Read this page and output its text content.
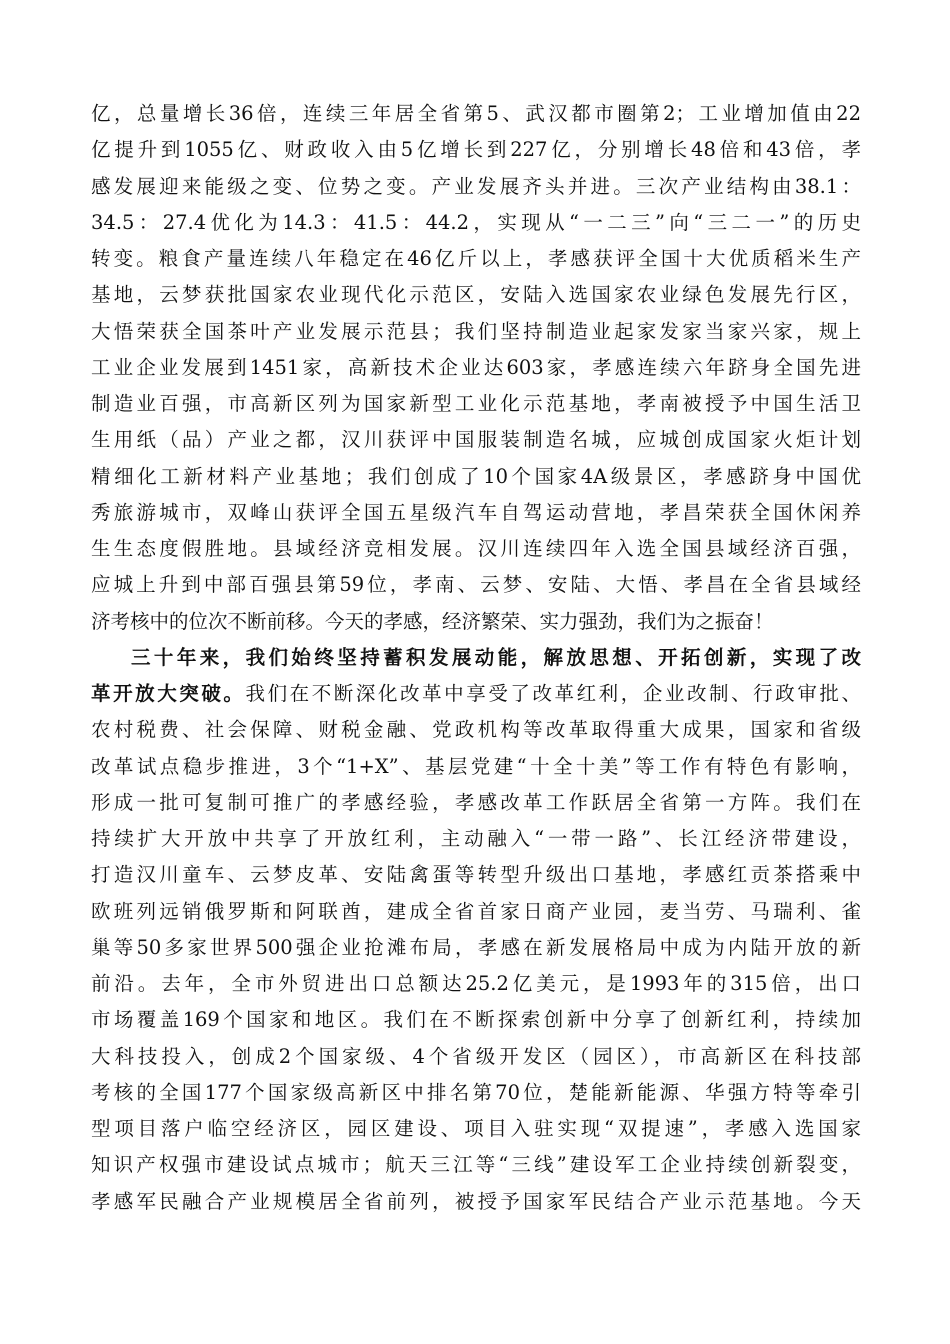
亿，总量增长36倍，连续三年居全省第5、武汉都市圈第2；工业增加值由22
亿提升到1055亿、财政收入由5亿增长到227亿，分别增长48倍和43倍，孝
感发展迎来能级之变、位势之变。产业发展齐头并进。三次产业结构由38.1：
34.5：27.4优化为14.3：41.5：44.2，实现从“一二三”向“三二一”的历史
转变。粮食产量连续八年稳定在46亿斤以上，孝感获评全国十大优质稻米生产
基地，云梦获批国家农业现代化示范区，安陆入选国家农业绿色发展先行区，
大悟荣获全国茶叶产业发展示范县；我们坚持制造业起家发家当家兴家，规上
工业企业发展到1451家，高新技术企业达603家，孝感连续六年跻身全国先进
制造业百强，市高新区列为国家新型工业化示范基地，孝南被授予中国生活卫
生用纸（品）产业之都，汉川获评中国服装制造名城，应城创成国家火炬计划
精细化工新材料产业基地；我们创成了10个国家4A级景区，孝感跻身中国优
秀旅游城市，双峰山获评全国五星级汽车自驾运动营地，孝昌荣获全国休闲养
生生态度假胜地。县域经济竞相发展。汉川连续四年入选全国县域经济百强，
应城上升到中部百强县第59位，孝南、云梦、安陆、大悟、孝昌在全省县域经
济考核中的位次不断前移。今天的孝感，经济繁荣、实力强劲，我们为之振奋！
三十年来，我们始终坚持蓄积发展动能，解放思想、开拓创新，实现了改
革开放大突破。我们在不断深化改革中享受了改革红利，企业改制、行政审批、
农村税费、社会保障、财税金融、党政机构等改革取得重大成果，国家和省级
改革试点稳步推进，3个“1+X”、基层党建“十全十美”等工作有特色有影响，
形成一批可复制可推广的孝感经验，孝感改革工作跃居全省第一方阵。我们在
持续扩大开放中共享了开放红利，主动融入“一带一路”、长江经济带建设，
打造汉川童车、云梦皮革、安陆禽蛋等转型升级出口基地，孝感红贡茶搭乘中
欧班列远销俄罗斯和阿联酋，建成全省首家日商产业园，麦当劳、马瑞利、雀
巢等50多家世界500强企业抢滩布局，孝感在新发展格局中成为内陆开放的新
前沿。去年，全市外贸进出口总额达25.2亿美元，是1993年的315倍，出口
市场覆盖169个国家和地区。我们在不断探索创新中分享了创新红利，持续加
大科技投入，创成2个国家级、4个省级开发区（园区），市高新区在科技部
考核的全国177个国家级高新区中排名第70位，楚能新能源、华强方特等牵引
型项目落户临空经济区，园区建设、项目入驻实现“双提速”，孝感入选国家
知识产权强市建设试点城市；航天三江等“三线”建设军工企业持续创新裂变，
孝感军民融合产业规模居全省前列，被授予国家军民结合产业示范基地。今天
